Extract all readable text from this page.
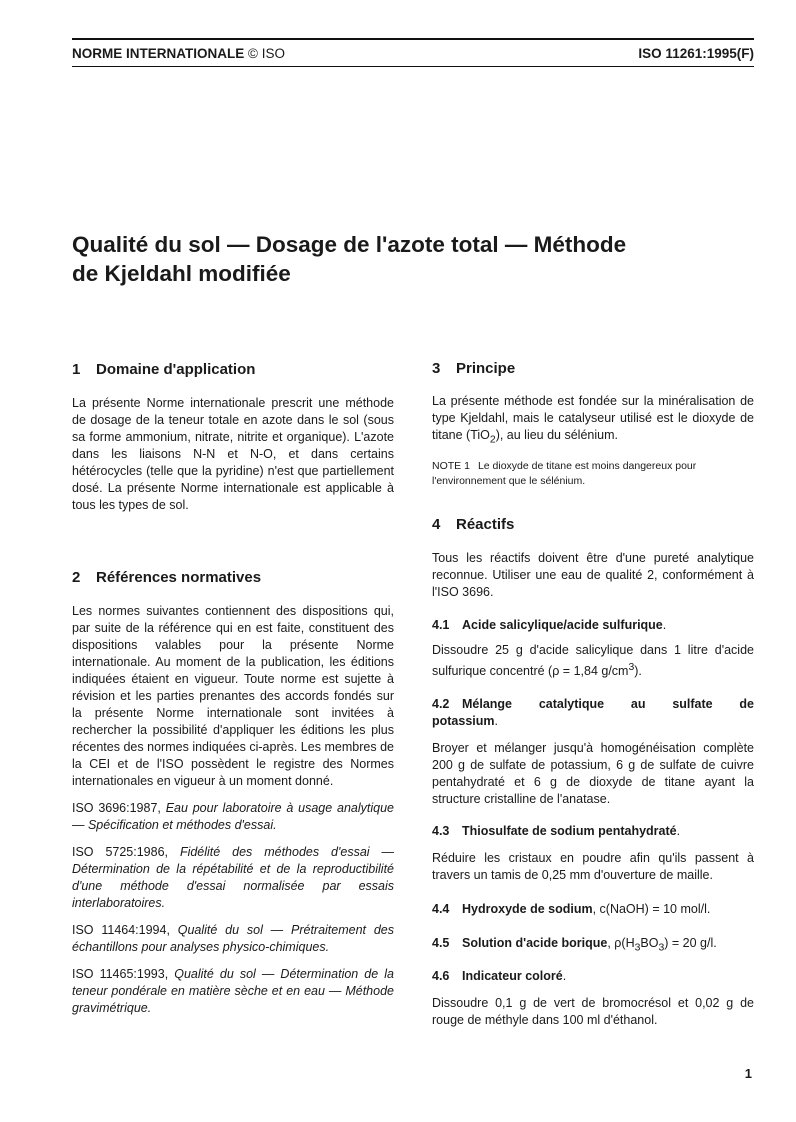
NORME INTERNATIONALE © ISO	ISO 11261:1995(F)
Qualité du sol — Dosage de l'azote total — Méthode
de Kjeldahl modifiée
1 Domaine d'application

La présente Norme internationale prescrit une méthode de dosage de la teneur totale en azote dans le sol (sous sa forme ammonium, nitrate, nitrite et organique). L'azote dans les liaisons N-N et N-O, et dans certains hétérocycles (telle que la pyridine) n'est que partiellement dosé. La présente Norme internationale est applicable à tous les types de sol.

2 Références normatives

Les normes suivantes contiennent des dispositions qui, par suite de la référence qui en est faite, constituent des dispositions valables pour la présente Norme internationale. Au moment de la publication, les éditions indiquées étaient en vigueur. Toute norme est sujette à révision et les parties prenantes des accords fondés sur la présente Norme internationale sont invitées à rechercher la possibilité d'appliquer les éditions les plus récentes des normes indiquées ci-après. Les membres de la CEI et de l'ISO possèdent le registre des Normes internationales en vigueur à un moment donné.

ISO 3696:1987, Eau pour laboratoire à usage analytique — Spécification et méthodes d'essai.

ISO 5725:1986, Fidélité des méthodes d'essai — Détermination de la répétabilité et de la reproductibilité d'une méthode d'essai normalisée par essais interlaboratoires.

ISO 11464:1994, Qualité du sol — Prétraitement des échantillons pour analyses physico-chimiques.

ISO 11465:1993, Qualité du sol — Détermination de la teneur pondérale en matière sèche et en eau — Méthode gravimétrique.

3 Principe

La présente méthode est fondée sur la minéralisation de type Kjeldahl, mais le catalyseur utilisé est le dioxyde de titane (TiO$_2$), au lieu du sélénium.

NOTE 1 Le dioxyde de titane est moins dangereux pour l'environnement que le sélénium.

4 Réactifs

Tous les réactifs doivent être d'une pureté analytique reconnue. Utiliser une eau de qualité 2, conformément à l'ISO 3696.

4.1 Acide salicylique/acide sulfurique.

Dissoudre 25 g d'acide salicylique dans 1 litre d'acide sulfurique concentré (ρ = 1,84 $g/cm^3$).

4.2 Mélange catalytique au sulfate de
potassium.

Broyer et mélanger jusqu'à homogénéisation complète 200 g de sulfate de potassium, 6 g de sulfate de cuivre pentahydraté et 6 g de dioxyde de titane ayant la structure cristalline de l'anatase.

4.3 Thiosulfate de sodium pentahydraté.

Réduire les cristaux en poudre afin qu'ils passent à travers un tamis de 0,25 mm d'ouverture de maille.

4.4 Hydroxyde de sodium, c(NaOH) = 10 mol/l.

4.5 Solution d'acide borique, $\rho(H_3BO_3) = 20$ g/l.

4.6 Indicateur coloré.

Dissoudre 0,1 g de vert de bromocrésol et 0,02 g de rouge de méthyle dans 100 ml d'éthanol.

1
